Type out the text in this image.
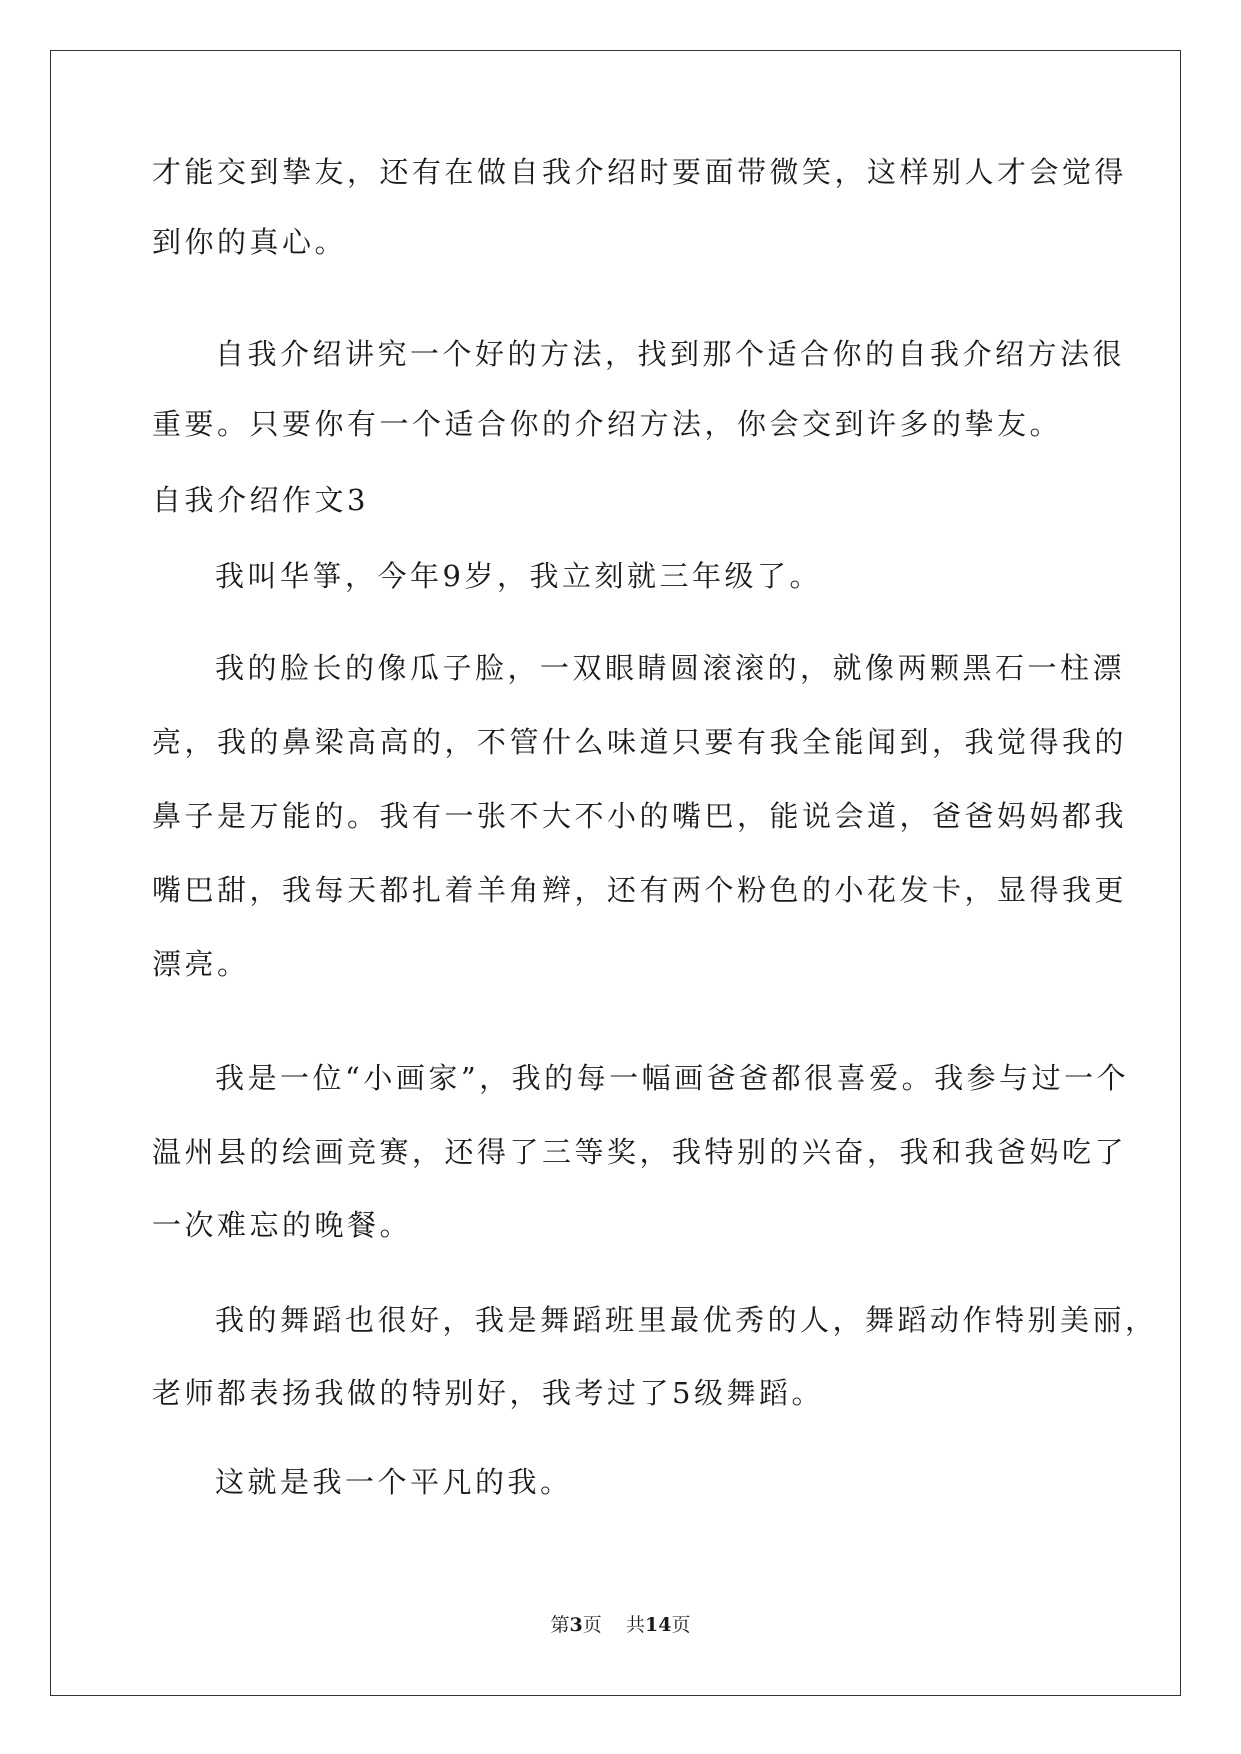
才能交到挚友，还有在做自我介绍时要面带微笑，这样别人才会觉得
到你的真心。
自我介绍讲究一个好的方法，找到那个适合你的自我介绍方法很
重要。只要你有一个适合你的介绍方法，你会交到许多的挚友。
自我介绍作文3
我叫华箏，今年9岁，我立刻就三年级了。
我的脸长的像瓜子脸，一双眼睛圆滚滚的，就像两颗黑石一柱漂
亮，我的鼻梁高高的，不管什么味道只要有我全能闻到，我觉得我的
鼻子是万能的。我有一张不大不小的嘴巴，能说会道，爸爸妈妈都我
嘴巴甜，我每天都扎着羊角辫，还有两个粉色的小花发卡，显得我更
漂亮。
我是一位“小画家”，我的每一幅画爸爸都很喜爱。我参与过一个
温州县的绘画竞赛，还得了三等奖，我特别的兴奋，我和我爸妈吃了
一次难忘的晚餐。
我的舞蹈也很好，我是舞蹈班里最优秀的人，舞蹈动作特别美丽，
老师都表扬我做的特别好，我考过了5级舞蹈。
这就是我一个平凡的我。
第3页 共14页
